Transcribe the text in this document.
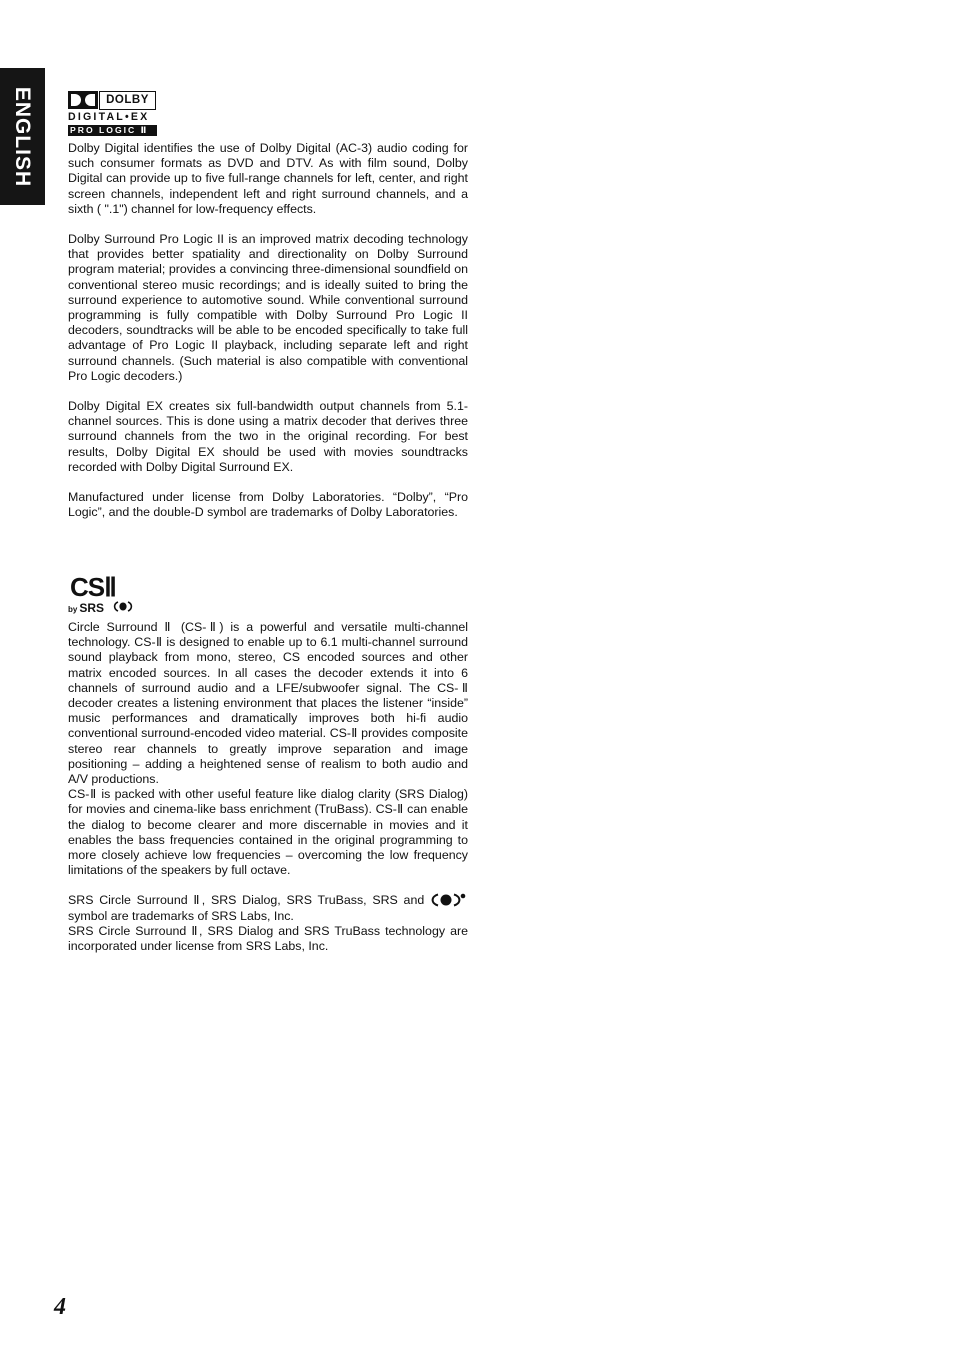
ENGLISH	DOLBY
DIGITAL•EX
PRO LOGIC Ⅱ

Dolby Digital identifies the use of Dolby Digital (AC-3) audio coding for such consumer formats as DVD and DTV. As with film sound, Dolby Digital can provide up to five full-range channels for left, center, and right screen channels, independent left and right surround channels, and a sixth ( ".1") channel for low-frequency effects.

Dolby Surround Pro Logic II is an improved matrix decoding technology that provides better spatiality and directionality on Dolby Surround program material; provides a convincing three-dimensional soundfield on conventional stereo music recordings; and is ideally suited to bring the surround experience to automotive sound. While conventional surround programming is fully compatible with Dolby Surround Pro Logic II decoders, soundtracks will be able to be encoded specifically to take full advantage of Pro Logic II playback, including separate left and right surround channels. (Such material is also compatible with conventional Pro Logic decoders.)

Dolby Digital EX creates six full-bandwidth output channels from 5.1-channel sources. This is done using a matrix decoder that derives three surround channels from the two in the original recording. For best results, Dolby Digital EX should be used with movies soundtracks recorded with Dolby Digital Surround EX.

Manufactured under license from Dolby Laboratories. “Dolby”, “Pro Logic”, and the double-D symbol are trademarks of Dolby Laboratories.

CSⅡ
by SRS

Circle Surround Ⅱ (CS-Ⅱ) is a powerful and versatile multi-channel technology. CS-Ⅱ is designed to enable up to 6.1 multi-channel surround sound playback from mono, stereo, CS encoded sources and other matrix encoded sources. In all cases the decoder extends it into 6 channels of surround audio and a LFE/subwoofer signal. The CS-Ⅱ decoder creates a listening environment that places the listener “inside” music performances and dramatically improves both hi-fi audio conventional surround-encoded video material. CS-Ⅱ provides composite stereo rear channels to greatly improve separation and image positioning – adding a heightened sense of realism to both audio and A/V productions.

CS-Ⅱ is packed with other useful feature like dialog clarity (SRS Dialog) for movies and cinema-like bass enrichment (TruBass). CS-Ⅱ can enable the dialog to become clearer and more discernable in movies and it enables the bass frequencies contained in the original programming to more closely achieve low frequencies – overcoming the low frequency limitations of the speakers by full octave.

SRS Circle Surround Ⅱ, SRS Dialog, SRS TruBass, SRS and  symbol are trademarks of SRS Labs, Inc.

SRS Circle Surround Ⅱ, SRS Dialog and SRS TruBass technology are incorporated under license from SRS Labs, Inc.

4
